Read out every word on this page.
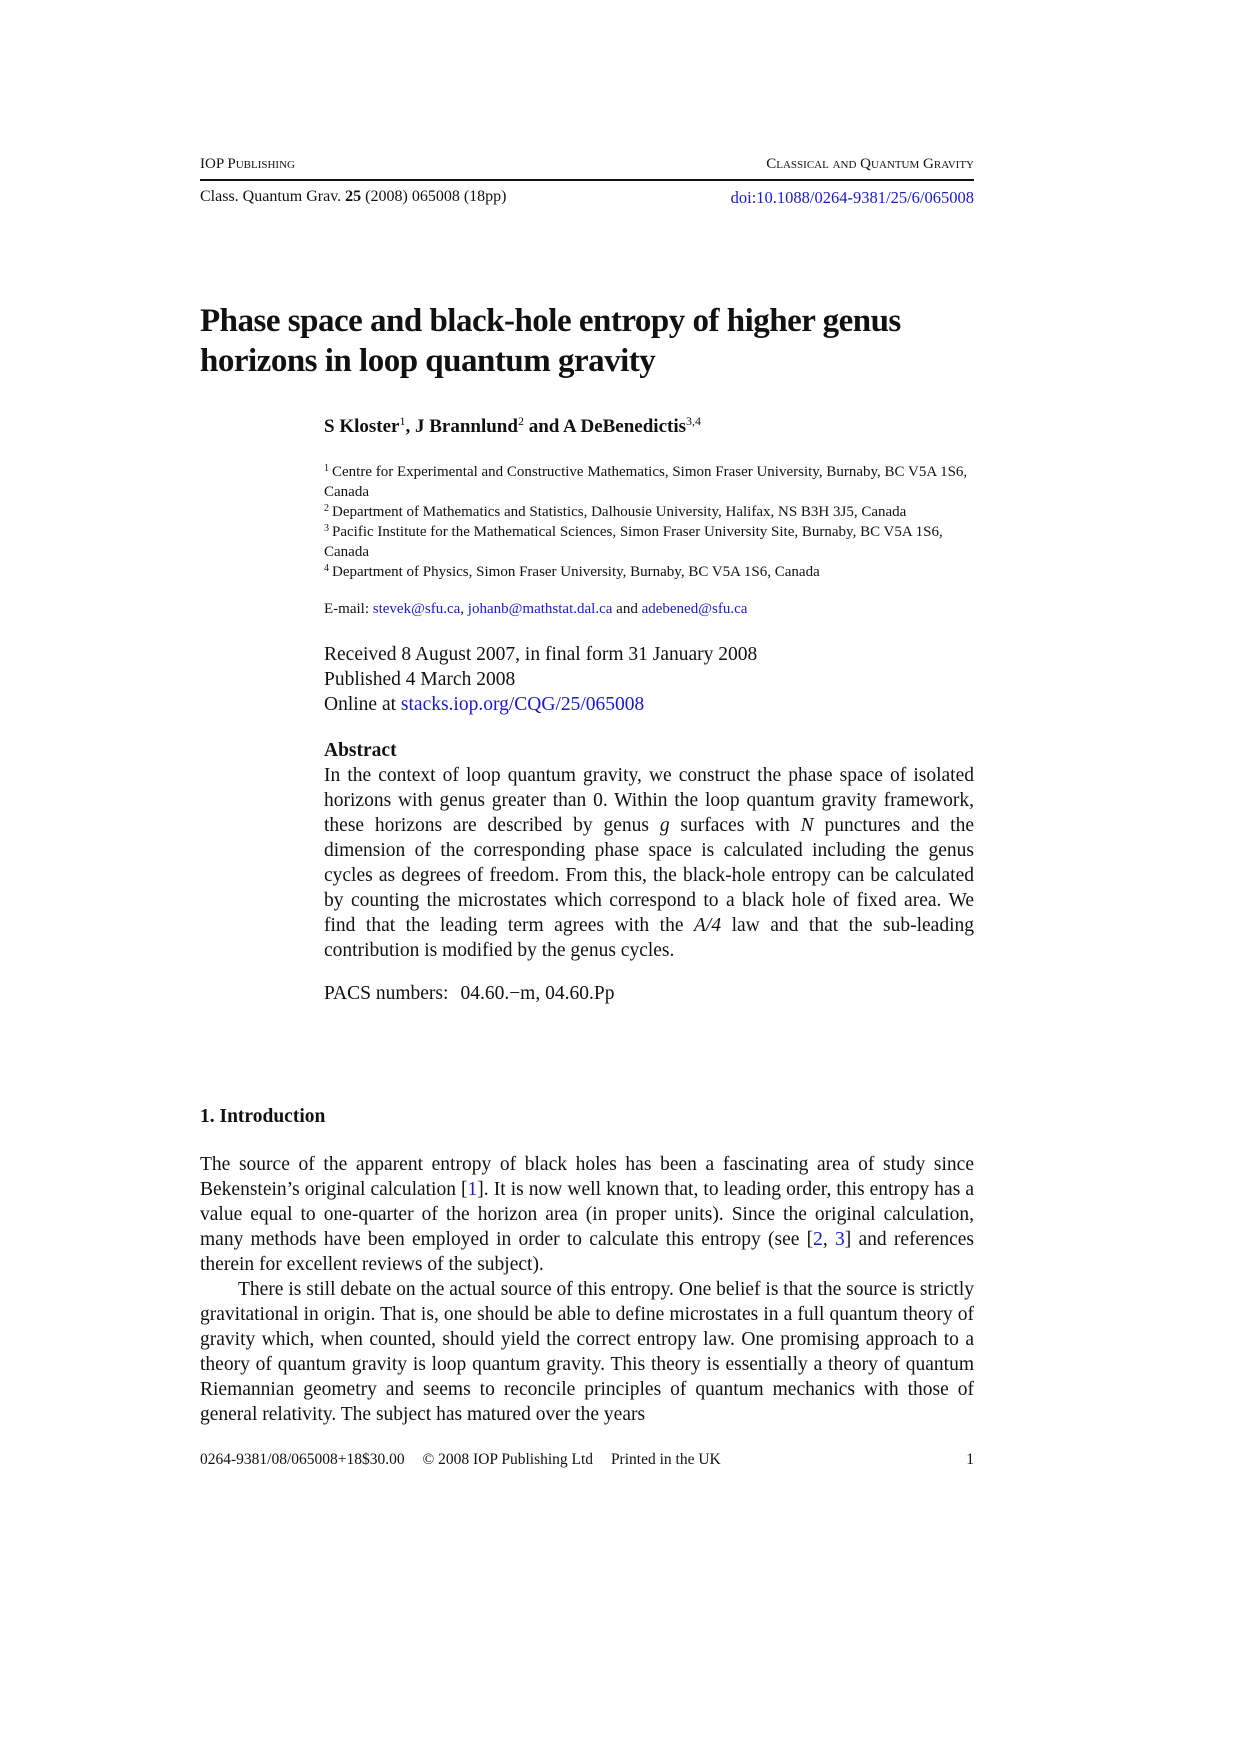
IOP Publishing	Classical and Quantum Gravity
Class. Quantum Grav. 25 (2008) 065008 (18pp)	doi:10.1088/0264-9381/25/6/065008
Phase space and black-hole entropy of higher genus horizons in loop quantum gravity
S Kloster$^1$, J Brannlund$^2$ and A DeBenedictis$^{3,4}$
$^1$ Centre for Experimental and Constructive Mathematics, Simon Fraser University, Burnaby, BC V5A 1S6, Canada
$^2$ Department of Mathematics and Statistics, Dalhousie University, Halifax, NS B3H 3J5, Canada
$^3$ Pacific Institute for the Mathematical Sciences, Simon Fraser University Site, Burnaby, BC V5A 1S6, Canada
$^4$ Department of Physics, Simon Fraser University, Burnaby, BC V5A 1S6, Canada
E-mail: stevek@sfu.ca, johanb@mathstat.dal.ca and adebened@sfu.ca
Received 8 August 2007, in final form 31 January 2008
Published 4 March 2008
Online at stacks.iop.org/CQG/25/065008
Abstract
In the context of loop quantum gravity, we construct the phase space of isolated horizons with genus greater than 0. Within the loop quantum gravity framework, these horizons are described by genus g surfaces with N punctures and the dimension of the corresponding phase space is calculated including the genus cycles as degrees of freedom. From this, the black-hole entropy can be calculated by counting the microstates which correspond to a black hole of fixed area. We find that the leading term agrees with the A/4 law and that the sub-leading contribution is modified by the genus cycles.
PACS numbers: 04.60.−m, 04.60.Pp
1. Introduction

The source of the apparent entropy of black holes has been a fascinating area of study since Bekenstein’s original calculation [1]. It is now well known that, to leading order, this entropy has a value equal to one-quarter of the horizon area (in proper units). Since the original calculation, many methods have been employed in order to calculate this entropy (see [2, 3] and references therein for excellent reviews of the subject).

There is still debate on the actual source of this entropy. One belief is that the source is strictly gravitational in origin. That is, one should be able to define microstates in a full quantum theory of gravity which, when counted, should yield the correct entropy law. One promising approach to a theory of quantum gravity is loop quantum gravity. This theory is essentially a theory of quantum Riemannian geometry and seems to reconcile principles of quantum mechanics with those of general relativity. The subject has matured over the years

0264-9381/08/065008+18$30.00 © 2008 IOP Publishing Ltd Printed in the UK	1
